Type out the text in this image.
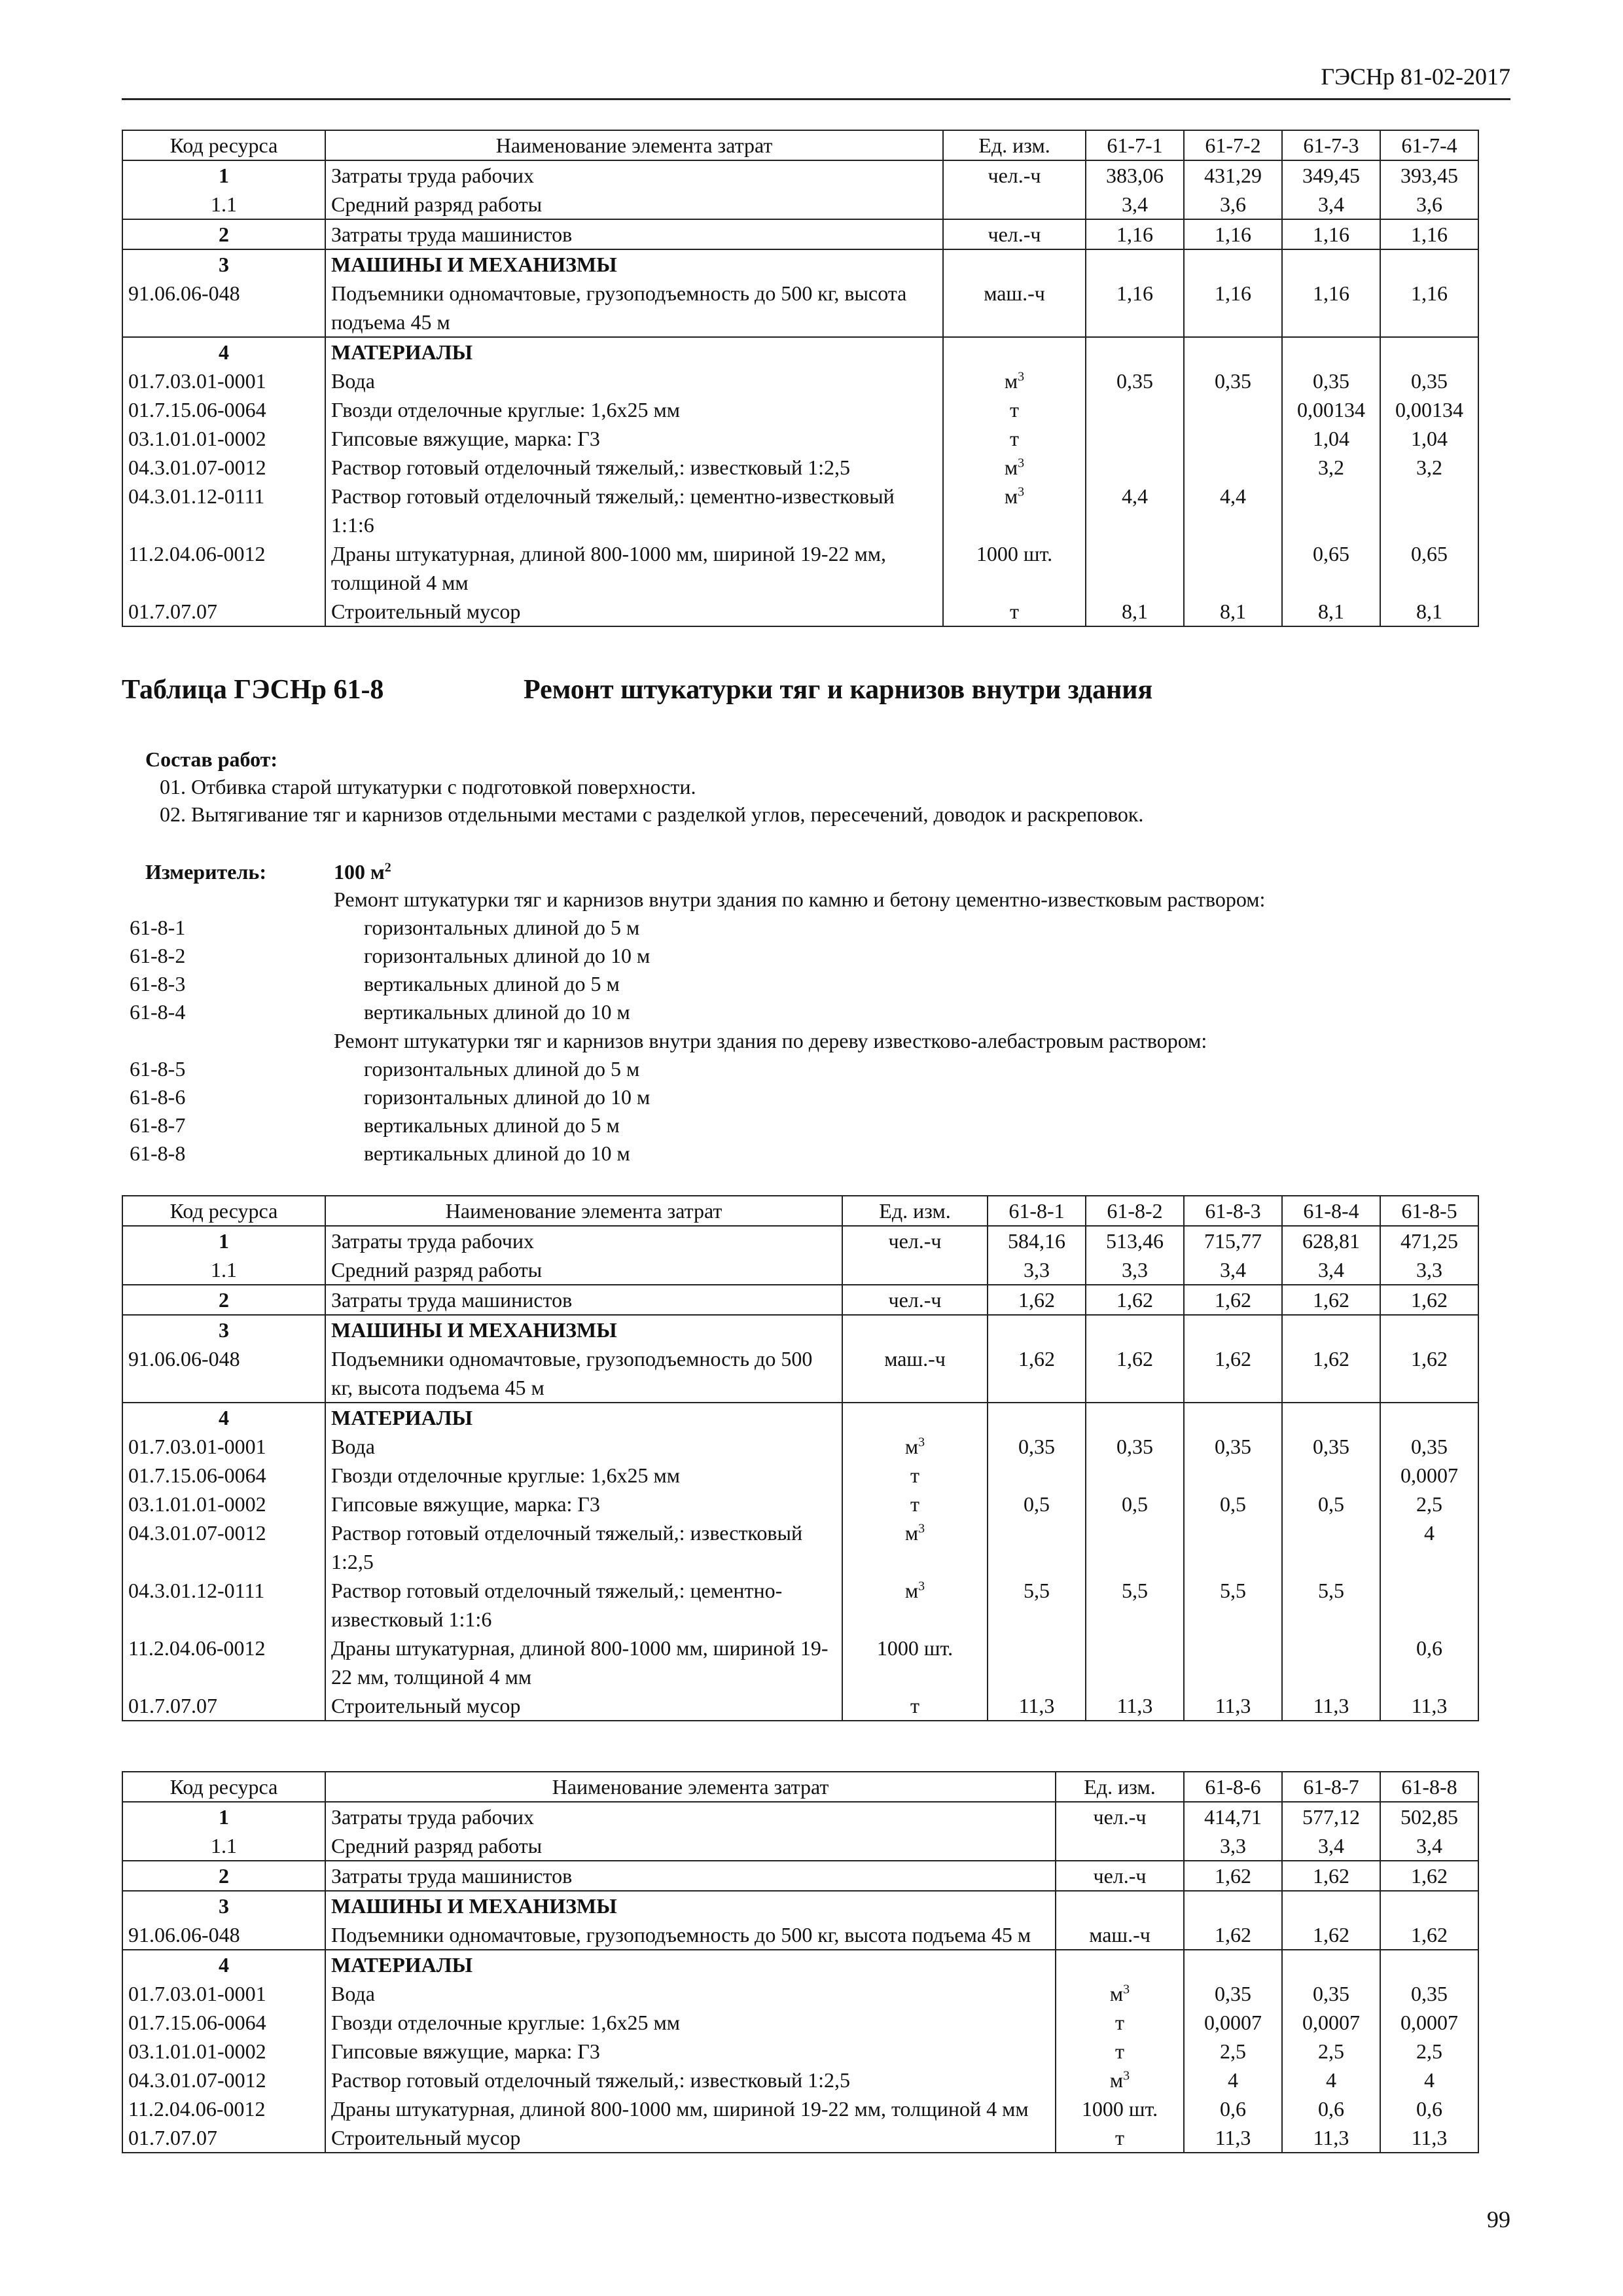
ГЭСНр 81-02-2017
Код ресурса	Наименование элемента затрат	Ед. изм.	61-7-1	61-7-2	61-7-3	61-7-4
1	Затраты труда рабочих	чел.-ч	383,06	431,29	349,45	393,45
1.1	Средний разряд работы		3,4	3,6	3,4	3,6
2	Затраты труда машинистов	чел.-ч	1,16	1,16	1,16	1,16
3	МАШИНЫ И МЕХАНИЗМЫ					
91.06.06-048	Подъемники одномачтовые, грузоподъемность до 500 кг, высота подъема 45 м	маш.-ч	1,16	1,16	1,16	1,16
4	МАТЕРИАЛЫ					
01.7.03.01-0001	Вода	$м^3$	0,35	0,35	0,35	0,35
01.7.15.06-0064	Гвозди отделочные круглые: 1,6х25 мм	т			0,00134	0,00134
03.1.01.01-0002	Гипсовые вяжущие, марка: Г3	т			1,04	1,04
04.3.01.07-0012	Раствор готовый отделочный тяжелый,: известковый 1:2,5	$м^3$			3,2	3,2
04.3.01.12-0111	Раствор готовый отделочный тяжелый,: цементно-известковый 1:1:6	$м^3$	4,4	4,4		
11.2.04.06-0012	Драны штукатурная, длиной 800-1000 мм, шириной 19-22 мм, толщиной 4 мм	1000 шт.			0,65	0,65
01.7.07.07	Строительный мусор	т	8,1	8,1	8,1	8,1
Таблица ГЭСНр 61-8	Ремонт штукатурки тяг и карнизов внутри здания
Состав работ:
01. Отбивка старой штукатурки с подготовкой поверхности.
02. Вытягивание тяг и карнизов отдельными местами с разделкой углов, пересечений, доводок и раскреповок.
Измеритель:	100 $м^2$
Ремонт штукатурки тяг и карнизов внутри здания по камню и бетону цементно-известковым раствором:
61-8-1	горизонтальных длиной до 5 м
61-8-2	горизонтальных длиной до 10 м
61-8-3	вертикальных длиной до 5 м
61-8-4	вертикальных длиной до 10 м
Ремонт штукатурки тяг и карнизов внутри здания по дереву известково-алебастровым раствором:
61-8-5	горизонтальных длиной до 5 м
61-8-6	горизонтальных длиной до 10 м
61-8-7	вертикальных длиной до 5 м
61-8-8	вертикальных длиной до 10 м
Код ресурса	Наименование элемента затрат	Ед. изм.	61-8-1	61-8-2	61-8-3	61-8-4	61-8-5
1	Затраты труда рабочих	чел.-ч	584,16	513,46	715,77	628,81	471,25
1.1	Средний разряд работы		3,3	3,3	3,4	3,4	3,3
2	Затраты труда машинистов	чел.-ч	1,62	1,62	1,62	1,62	1,62
3	МАШИНЫ И МЕХАНИЗМЫ						
91.06.06-048	Подъемники одномачтовые, грузоподъемность до 500 кг, высота подъема 45 м	маш.-ч	1,62	1,62	1,62	1,62	1,62
4	МАТЕРИАЛЫ						
01.7.03.01-0001	Вода	$м^3$	0,35	0,35	0,35	0,35	0,35
01.7.15.06-0064	Гвозди отделочные круглые: 1,6х25 мм	т					0,0007
03.1.01.01-0002	Гипсовые вяжущие, марка: Г3	т	0,5	0,5	0,5	0,5	2,5
04.3.01.07-0012	Раствор готовый отделочный тяжелый,: известковый 1:2,5	$м^3$					4
04.3.01.12-0111	Раствор готовый отделочный тяжелый,: цементно-известковый 1:1:6	$м^3$	5,5	5,5	5,5	5,5	
11.2.04.06-0012	Драны штукатурная, длиной 800-1000 мм, шириной 19-22 мм, толщиной 4 мм	1000 шт.					0,6
01.7.07.07	Строительный мусор	т	11,3	11,3	11,3	11,3	11,3
Код ресурса	Наименование элемента затрат	Ед. изм.	61-8-6	61-8-7	61-8-8
1	Затраты труда рабочих	чел.-ч	414,71	577,12	502,85
1.1	Средний разряд работы		3,3	3,4	3,4
2	Затраты труда машинистов	чел.-ч	1,62	1,62	1,62
3	МАШИНЫ И МЕХАНИЗМЫ				
91.06.06-048	Подъемники одномачтовые, грузоподъемность до 500 кг, высота подъема 45 м	маш.-ч	1,62	1,62	1,62
4	МАТЕРИАЛЫ				
01.7.03.01-0001	Вода	$м^3$	0,35	0,35	0,35
01.7.15.06-0064	Гвозди отделочные круглые: 1,6х25 мм	т	0,0007	0,0007	0,0007
03.1.01.01-0002	Гипсовые вяжущие, марка: Г3	т	2,5	2,5	2,5
04.3.01.07-0012	Раствор готовый отделочный тяжелый,: известковый 1:2,5	$м^3$	4	4	4
11.2.04.06-0012	Драны штукатурная, длиной 800-1000 мм, шириной 19-22 мм, толщиной 4 мм	1000 шт.	0,6	0,6	0,6
01.7.07.07	Строительный мусор	т	11,3	11,3	11,3
99
